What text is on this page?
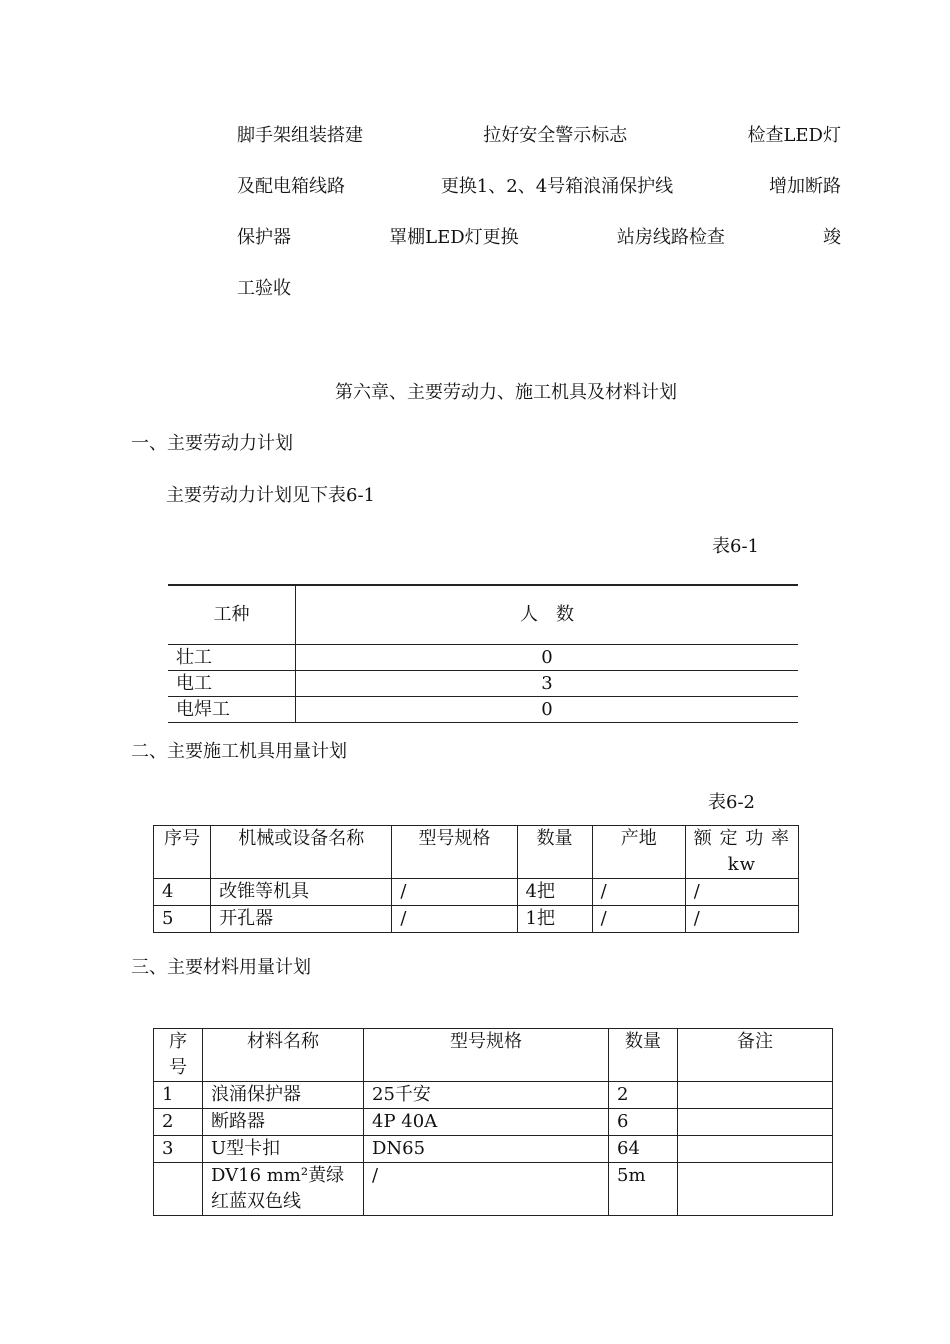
脚手架组装搭建	拉好安全警示标志	检查LED灯
及配电箱线路	更换1、2、4号箱浪涌保护线	增加断路
保护器	罩棚LED灯更换	站房线路检查	竣
工验收
第六章、主要劳动力、施工机具及材料计划
一、主要劳动力计划
主要劳动力计划见下表6-1
表6-1
工种	人　数
壮工	0
电工	3
电焊工	0
二、主要施工机具用量计划
表6-2
序号	机械或设备名称	型号规格	数量	产地	额 定 功 率 kw
4	改锥等机具	/	4把	/	/
5	开孔器	/	1把	/	/
三、主要材料用量计划
序号	材料名称	型号规格	数量	备注
1	浪涌保护器	25千安	2	
2	断路器	4P 40A	6	
3	U型卡扣	DN65	64	
	DV16 mm²黄绿红蓝双色线	/	5m	
